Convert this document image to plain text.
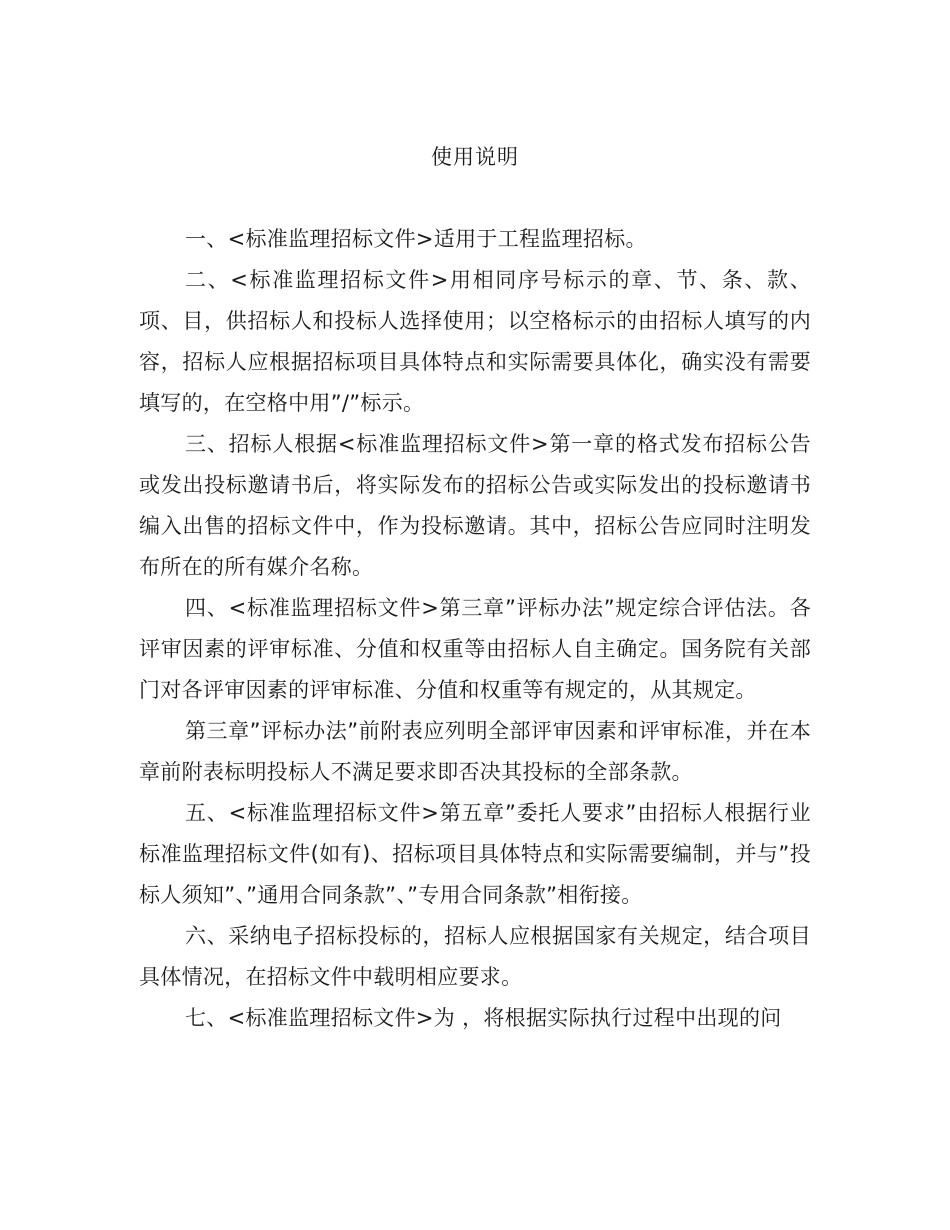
使用说明

一、<标准监理招标文件>适用于工程监理招标。

二、<标准监理招标文件>用相同序号标示的章、节、条、款、项、目，供招标人和投标人选择使用；以空格标示的由招标人填写的内容，招标人应根据招标项目具体特点和实际需要具体化，确实没有需要填写的，在空格中用”/”标示。

三、招标人根据<标准监理招标文件>第一章的格式发布招标公告或发出投标邀请书后，将实际发布的招标公告或实际发出的投标邀请书编入出售的招标文件中，作为投标邀请。其中，招标公告应同时注明发布所在的所有媒介名称。

四、<标准监理招标文件>第三章”评标办法”规定综合评估法。各评审因素的评审标准、分值和权重等由招标人自主确定。国务院有关部门对各评审因素的评审标准、分值和权重等有规定的，从其规定。

第三章”评标办法”前附表应列明全部评审因素和评审标准，并在本章前附表标明投标人不满足要求即否决其投标的全部条款。

五、<标准监理招标文件>第五章”委托人要求”由招标人根据行业标准监理招标文件(如有)、招标项目具体特点和实际需要编制，并与”投标人须知”、”通用合同条款”、”专用合同条款”相衔接。

六、采纳电子招标投标的，招标人应根据国家有关规定，结合项目具体情况，在招标文件中载明相应要求。

七、<标准监理招标文件>为 ，将根据实际执行过程中出现的问
